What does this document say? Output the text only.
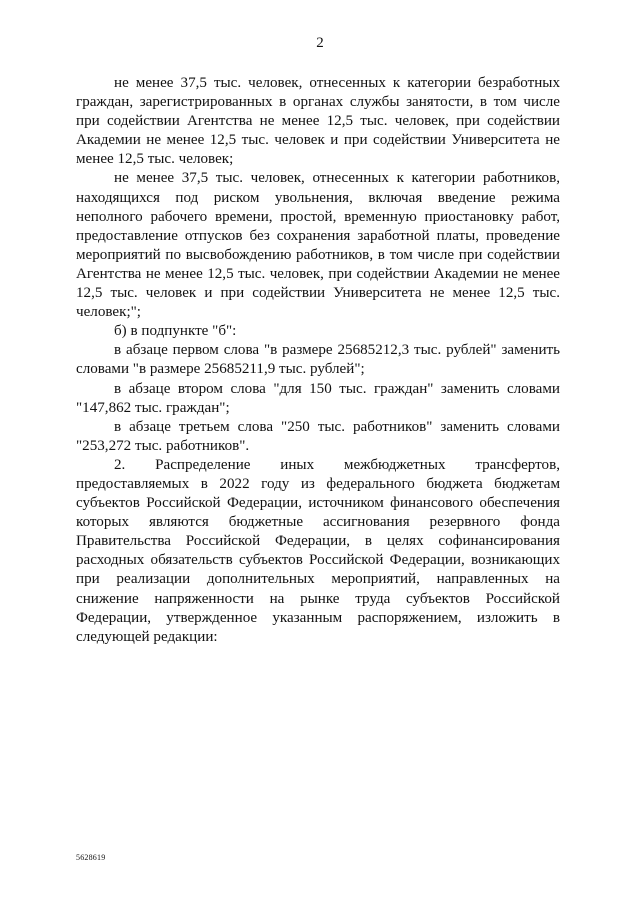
2

не менее 37,5 тыс. человек, отнесенных к категории безработных граждан, зарегистрированных в органах службы занятости, в том числе при содействии Агентства не менее 12,5 тыс. человек, при содействии Академии не менее 12,5 тыс. человек и при содействии Университета не менее 12,5 тыс. человек;

не менее 37,5 тыс. человек, отнесенных к категории работников, находящихся под риском увольнения, включая введение режима неполного рабочего времени, простой, временную приостановку работ, предоставление отпусков без сохранения заработной платы, проведение мероприятий по высвобождению работников, в том числе при содействии Агентства не менее 12,5 тыс. человек, при содействии Академии не менее 12,5 тыс. человек и при содействии Университета не менее 12,5 тыс. человек;";

б) в подпункте "б":

в абзаце первом слова "в размере 25685212,3 тыс. рублей" заменить словами "в размере 25685211,9 тыс. рублей";

в абзаце втором слова "для 150 тыс. граждан" заменить словами "147,862 тыс. граждан";

в абзаце третьем слова "250 тыс. работников" заменить словами "253,272 тыс. работников".

2. Распределение иных межбюджетных трансфертов, предоставляемых в 2022 году из федерального бюджета бюджетам субъектов Российской Федерации, источником финансового обеспечения которых являются бюджетные ассигнования резервного фонда Правительства Российской Федерации, в целях софинансирования расходных обязательств субъектов Российской Федерации, возникающих при реализации дополнительных мероприятий, направленных на снижение напряженности на рынке труда субъектов Российской Федерации, утвержденное указанным распоряжением, изложить в следующей редакции:

5628619
